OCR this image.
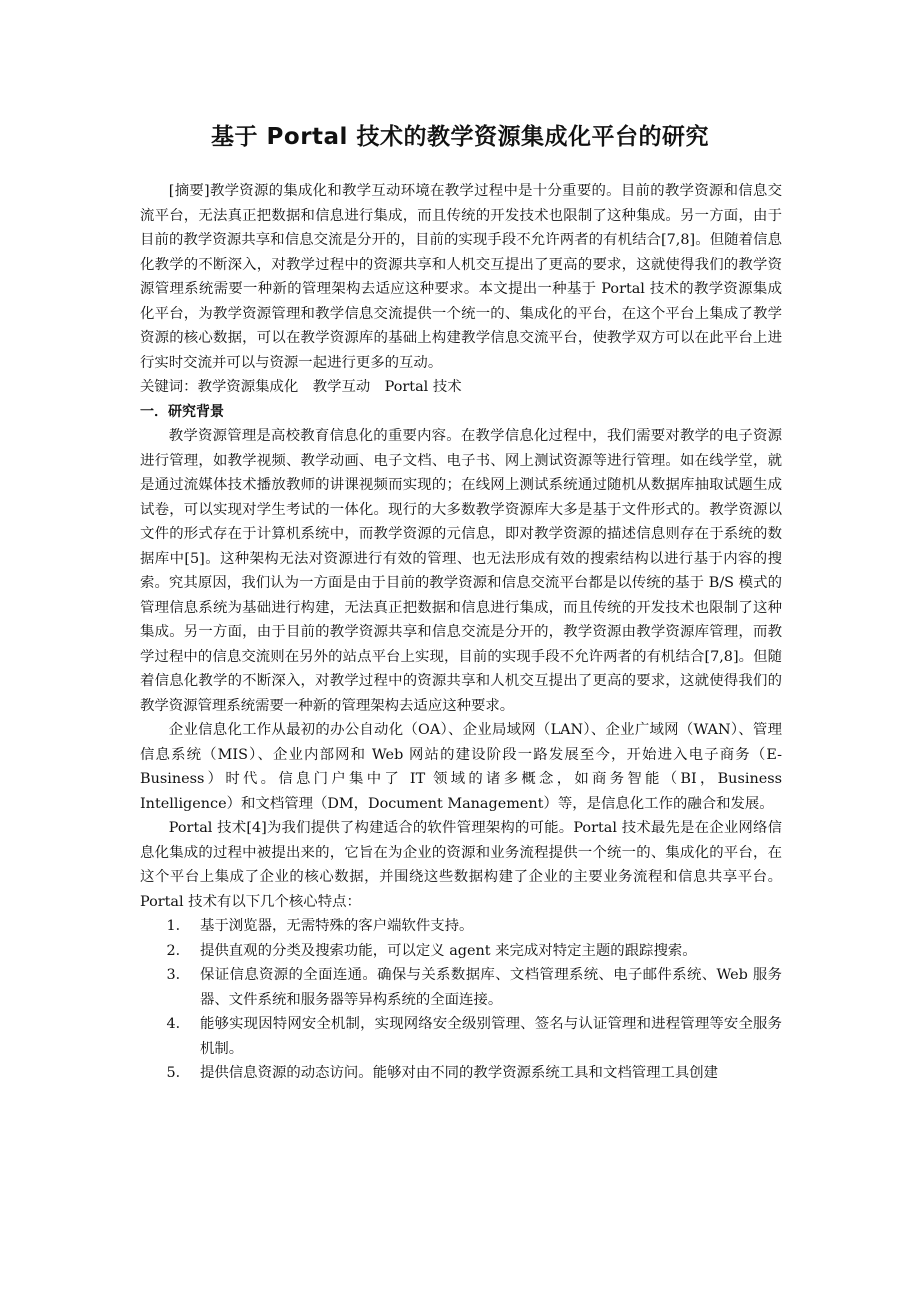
基于 Portal 技术的教学资源集成化平台的研究

[摘要]教学资源的集成化和教学互动环境在教学过程中是十分重要的。目前的教学资源和信息交流平台，无法真正把数据和信息进行集成，而且传统的开发技术也限制了这种集成。另一方面，由于目前的教学资源共享和信息交流是分开的，目前的实现手段不允许两者的有机结合[7,8]。但随着信息化教学的不断深入，对教学过程中的资源共享和人机交互提出了更高的要求，这就使得我们的教学资源管理系统需要一种新的管理架构去适应这种要求。本文提出一种基于 Portal 技术的教学资源集成化平台，为教学资源管理和教学信息交流提供一个统一的、集成化的平台，在这个平台上集成了教学资源的核心数据，可以在教学资源库的基础上构建教学信息交流平台，使教学双方可以在此平台上进行实时交流并可以与资源一起进行更多的互动。

关键词：教学资源集成化　教学互动　Portal 技术

一．研究背景

教学资源管理是高校教育信息化的重要内容。在教学信息化过程中，我们需要对教学的电子资源进行管理，如教学视频、教学动画、电子文档、电子书、网上测试资源等进行管理。如在线学堂，就是通过流媒体技术播放教师的讲课视频而实现的；在线网上测试系统通过随机从数据库抽取试题生成试卷，可以实现对学生考试的一体化。现行的大多数教学资源库大多是基于文件形式的。教学资源以文件的形式存在于计算机系统中，而教学资源的元信息，即对教学资源的描述信息则存在于系统的数据库中[5]。这种架构无法对资源进行有效的管理、也无法形成有效的搜索结构以进行基于内容的搜索。究其原因，我们认为一方面是由于目前的教学资源和信息交流平台都是以传统的基于 B/S 模式的管理信息系统为基础进行构建，无法真正把数据和信息进行集成，而且传统的开发技术也限制了这种集成。另一方面，由于目前的教学资源共享和信息交流是分开的，教学资源由教学资源库管理，而教学过程中的信息交流则在另外的站点平台上实现，目前的实现手段不允许两者的有机结合[7,8]。但随着信息化教学的不断深入，对教学过程中的资源共享和人机交互提出了更高的要求，这就使得我们的教学资源管理系统需要一种新的管理架构去适应这种要求。

企业信息化工作从最初的办公自动化（OA）、企业局域网（LAN）、企业广域网（WAN）、管理信息系统（MIS）、企业内部网和 Web 网站的建设阶段一路发展至今，开始进入电子商务（E-Business）时代。信息门户集中了 IT 领域的诸多概念，如商务智能（BI，Business Intelligence）和文档管理（DM，Document Management）等，是信息化工作的融合和发展。

Portal 技术[4]为我们提供了构建适合的软件管理架构的可能。Portal 技术最先是在企业网络信息化集成的过程中被提出来的，它旨在为企业的资源和业务流程提供一个统一的、集成化的平台，在这个平台上集成了企业的核心数据，并围绕这些数据构建了企业的主要业务流程和信息共享平台。Portal 技术有以下几个核心特点：

1． 基于浏览器，无需特殊的客户端软件支持。
2． 提供直观的分类及搜索功能，可以定义 agent 来完成对特定主题的跟踪搜索。
3． 保证信息资源的全面连通。确保与关系数据库、文档管理系统、电子邮件系统、Web 服务器、文件系统和服务器等异构系统的全面连接。
4． 能够实现因特网安全机制，实现网络安全级别管理、签名与认证管理和进程管理等安全服务机制。
5． 提供信息资源的动态访问。能够对由不同的教学资源系统工具和文档管理工具创建
